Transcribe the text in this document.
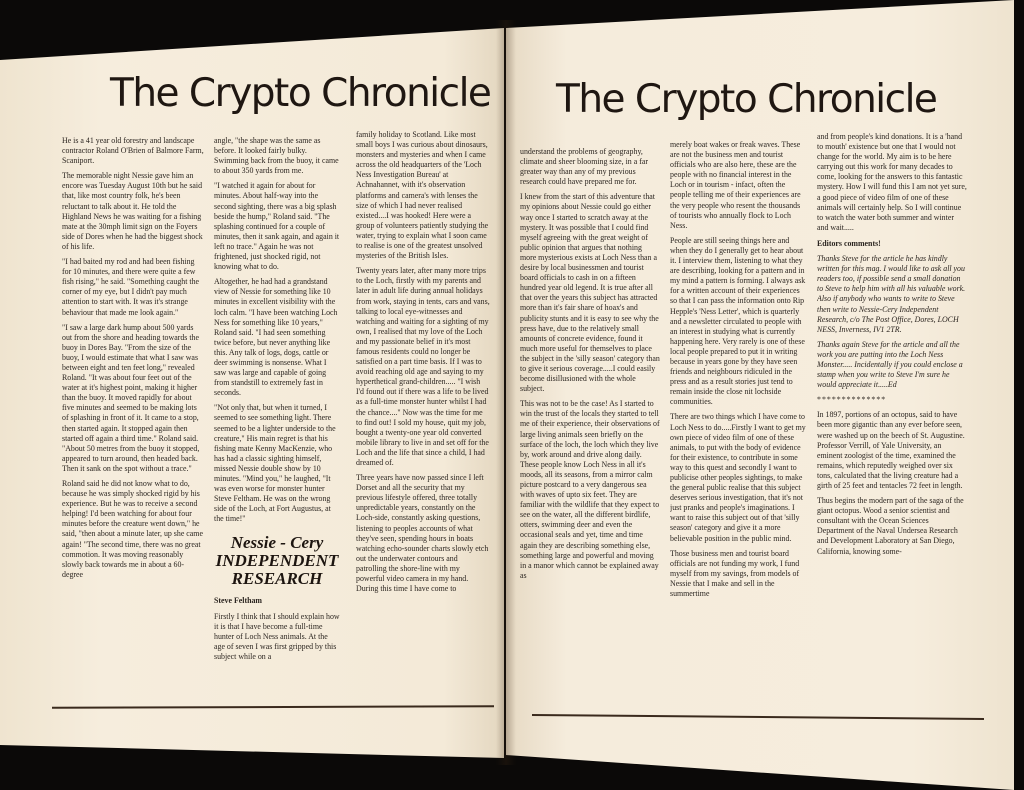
The Crypto Chronicle The Crypto Chronicle

He is a 41 year old forestry and landscape contractor Roland O'Brien of Balmore Farm, Scaniport.

The memorable night Nessie gave him an encore was Tuesday August 10th but he said that, like most country folk, he's been reluctant to talk about it. He told the Highland News he was waiting for a fishing mate at the 30mph limit sign on the Foyers side of Dores when he had the biggest shock of his life.

"I had baited my rod and had been fishing for 10 minutes, and there were quite a few fish rising," he said. "Something caught the corner of my eye, but I didn't pay much attention to start with. It was it's strange behaviour that made me look again."

"I saw a large dark hump about 500 yards out from the shore and heading towards the buoy in Dores Bay. "From the size of the buoy, I would estimate that what I saw was between eight and ten feet long," revealed Roland. "It was about four feet out of the water at it's highest point, making it higher than the buoy. It moved rapidly for about five minutes and seemed to be making lots of splashing in front of it. It came to a stop, then started again. It stopped again then started off again a third time." Roland said. "About 50 metres from the buoy it stopped, appeared to turn around, then headed back. Then it sank on the spot without a trace."

Roland said he did not know what to do, because he was simply shocked rigid by his experience. But he was to receive a second helping! I'd been watching for about four minutes before the creature went down," he said, "then about a minute later, up she came again! "The second time, there was no great commotion. It was moving reasonably slowly back towards me in about a 60-degree

angle, "the shape was the same as before. It looked fairly bulky. Swimming back from the buoy, it came to about 350 yards from me.

"I watched it again for about for minutes. About half-way into the second sighting, there was a big splash beside the hump," Roland said. "The splashing continued for a couple of minutes, then it sank again, and again it left no trace." Again he was not frightened, just shocked rigid, not knowing what to do.

Altogether, he had had a grandstand view of Nessie for something like 10 minutes in excellent visibility with the loch calm. "I have been watching Loch Ness for something like 10 years," Roland said. "I had seen something twice before, but never anything like this. Any talk of logs, dogs, cattle or deer swimming is nonsense. What I saw was large and capable of going from standstill to extremely fast in seconds.

"Not only that, but when it turned, I seemed to see something light. There seemed to be a lighter underside to the creature," His main regret is that his fishing mate Kenny MacKenzie, who has had a classic sighting himself, missed Nessie double show by 10 minutes. "Mind you," he laughed, "It was even worse for monster hunter Steve Feltham. He was on the wrong side of the Loch, at Fort Augustus, at the time!"

Nessie - Cery
INDEPENDENT
RESEARCH
Steve Feltham

Firstly I think that I should explain how it is that I have become a full-time hunter of Loch Ness animals. At the age of seven I was first gripped by this subject while on a

family holiday to Scotland. Like most small boys I was curious about dinosaurs, monsters and mysteries and when I came across the old headquarters of the 'Loch Ness Investigation Bureau' at Achnahannet, with it's observation platforms and camera's with lenses the size of which I had never realised existed....I was hooked! Here were a group of volunteers patiently studying the water, trying to explain what I soon came to realise is one of the greatest unsolved mysteries of the British Isles.

Twenty years later, after many more trips to the Loch, firstly with my parents and later in adult life during annual holidays from work, staying in tents, cars and vans, talking to local eye-witnesses and watching and waiting for a sighting of my own, I realised that my love of the Loch and my passionate belief in it's most famous residents could no longer be satisfied on a part time basis. If I was to avoid reaching old age and saying to my hyperthetical grand-children..... "I wish I'd found out if there was a life to be lived as a full-time monster hunter whilst I had the chance...." Now was the time for me to find out! I sold my house, quit my job, bought a twenty-one year old converted mobile library to live in and set off for the Loch and the life that since a child, I had dreamed of.

Three years have now passed since I left Dorset and all the security that my previous lifestyle offered, three totally unpredictable years, constantly on the Loch-side, constantly asking questions, listening to peoples accounts of what they've seen, spending hours in boats watching echo-sounder charts slowly etch out the underwater contours and patrolling the shore-line with my powerful video camera in my hand. During this time I have come to

understand the problems of geography, climate and sheer blooming size, in a far greater way than any of my previous research could have prepared me for.

I knew from the start of this adventure that my opinions about Nessie could go either way once I started to scratch away at the mystery. It was possible that I could find myself agreeing with the great weight of public opinion that argues that nothing more mysterious exists at Loch Ness than a desire by local businessmen and tourist board officials to cash in on a fifteen hundred year old legend. It is true after all that over the years this subject has attracted more than it's fair share of hoax's and publicity stunts and it is easy to see why the press have, due to the relatively small amounts of concrete evidence, found it much more useful for themselves to place the subject in the 'silly season' category than to give it serious coverage.....I could easily become disillusioned with the whole subject.

This was not to be the case! As I started to win the trust of the locals they started to tell me of their experience, their observations of large living animals seen briefly on the surface of the loch, the loch which they live by, work around and drive along daily. These people know Loch Ness in all it's moods, all its seasons, from a mirror calm picture postcard to a very dangerous sea with waves of upto six feet. They are familiar with the wildlife that they expect to see on the water, all the different birdlife, otters, swimming deer and even the occasional seals and yet, time and time again they are describing something else, something large and powerful and moving in a manor which cannot be explained away as

merely boat wakes or freak waves. These are not the business men and tourist officials who are also here, these are the people with no financial interest in the Loch or in tourism - infact, often the people telling me of their experiences are the very people who resent the thousands of tourists who annually flock to Loch Ness.

People are still seeing things here and when they do I generally get to hear about it. I interview them, listening to what they are describing, looking for a pattern and in my mind a pattern is forming. I always ask for a written account of their experiences so that I can pass the information onto Rip Hepple's 'Ness Letter', which is quarterly and a newsletter circulated to people with an interest in studying what is currently happening here. Very rarely is one of these local people prepared to put it in writing because in years gone by they have seen friends and neighbours ridiculed in the press and as a result stories just tend to remain inside the close nit lochside communities.

There are two things which I have come to Loch Ness to do.....Firstly I want to get my own piece of video film of one of these animals, to put with the body of evidence for their existence, to contribute in some way to this quest and secondly I want to publicise other peoples sightings, to make the general public realise that this subject deserves serious investigation, that it's not just pranks and people's imaginations. I want to raise this subject out of that 'silly season' category and give it a more believable position in the public mind.

Those business men and tourist board officials are not funding my work, I fund myself from my savings, from models of Nessie that I make and sell in the summertime

and from people's kind donations. It is a 'hand to mouth' existence but one that I would not change for the world. My aim is to be here carrying out this work for many decades to come, looking for the answers to this fantastic mystery. How I will fund this I am not yet sure, a good piece of video film of one of these animals will certainly help. So I will continue to watch the water both summer and winter and wait.....

Editors comments!

Thanks Steve for the article he has kindly written for this mag. I would like to ask all you readers too, if possible send a small donation to Steve to help him with all his valuable work. Also if anybody who wants to write to Steve then write to Nessie-Cery Independent Research, c/o The Post Office, Dores, LOCH NESS, Inverness, IV1 2TR.

Thanks again Steve for the article and all the work you are putting into the Loch Ness Monster..... Incidentally if you could enclose a stamp when you write to Steve I'm sure he would appreciate it.....Ed

**************

In 1897, portions of an octopus, said to have been more gigantic than any ever before seen, were washed up on the beech of St. Augustine. Professor Verrill, of Yale University, an eminent zoologist of the time, examined the remains, which reputedly weighed over six tons, calculated that the living creature had a girth of 25 feet and tentacles 72 feet in length.

Thus begins the modern part of the saga of the giant octopus. Wood a senior scientist and consultant with the Ocean Sciences Department of the Naval Undersea Research and Development Laboratory at San Diego, California, knowing some-
